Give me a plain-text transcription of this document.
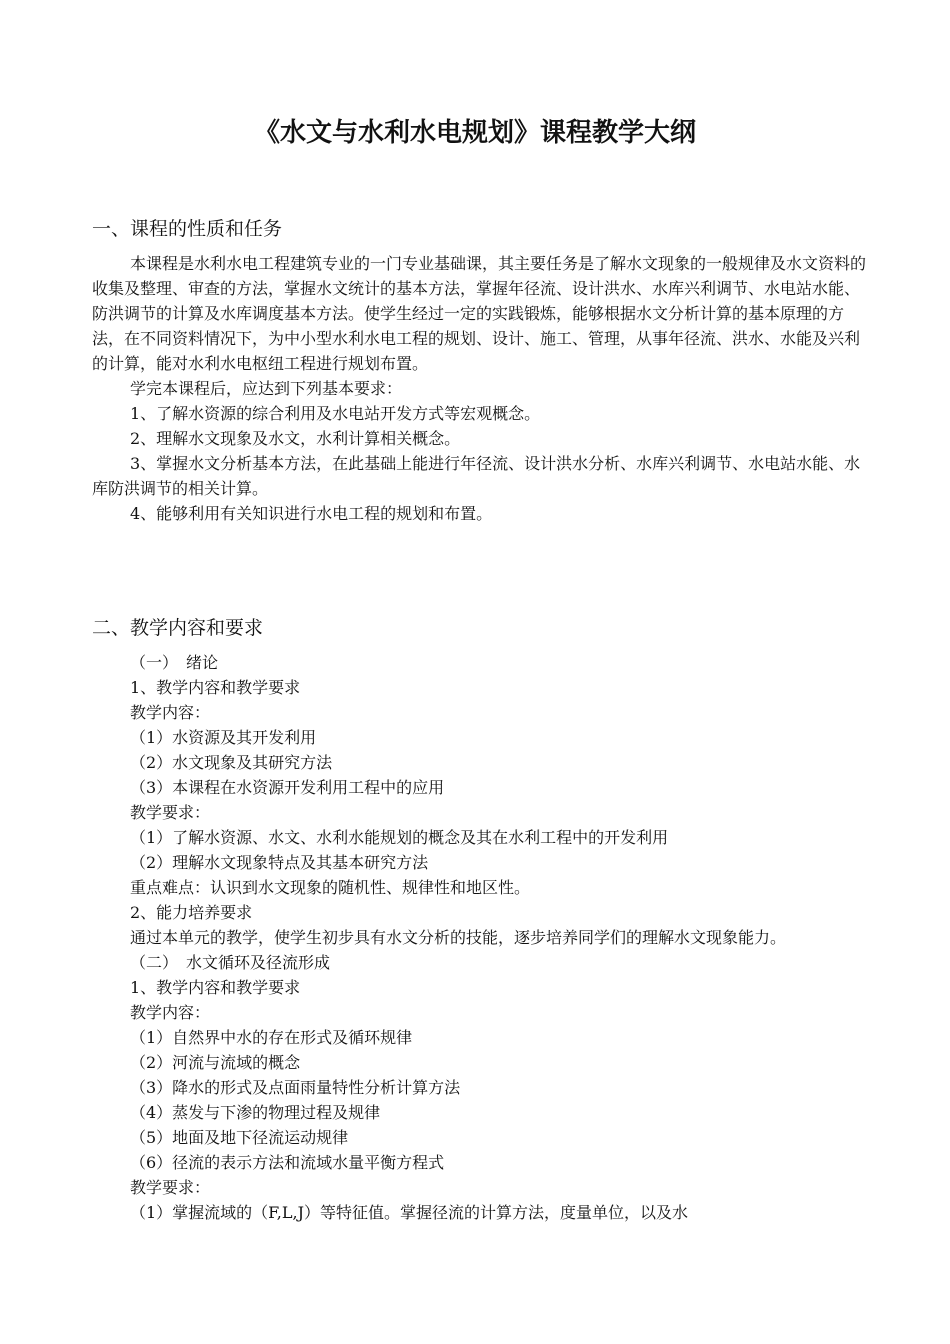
《水文与水利水电规划》课程教学大纲
一、课程的性质和任务

本课程是水利水电工程建筑专业的一门专业基础课，其主要任务是了解水文现象的一般规律及水文资料的收集及整理、审查的方法，掌握水文统计的基本方法，掌握年径流、设计洪水、水库兴利调节、水电站水能、防洪调节的计算及水库调度基本方法。使学生经过一定的实践锻炼，能够根据水文分析计算的基本原理的方法，在不同资料情况下，为中小型水利水电工程的规划、设计、施工、管理，从事年径流、洪水、水能及兴利的计算，能对水利水电枢纽工程进行规划布置。

学完本课程后，应达到下列基本要求：

1、了解水资源的综合利用及水电站开发方式等宏观概念。

2、理解水文现象及水文，水利计算相关概念。

3、掌握水文分析基本方法，在此基础上能进行年径流、设计洪水分析、水库兴利调节、水电站水能、水库防洪调节的相关计算。

4、能够利用有关知识进行水电工程的规划和布置。

二、教学内容和要求

（一）　绪论

1、教学内容和教学要求

教学内容：

（1）水资源及其开发利用

（2）水文现象及其研究方法

（3）本课程在水资源开发利用工程中的应用

教学要求：

（1）了解水资源、水文、水利水能规划的概念及其在水利工程中的开发利用

（2）理解水文现象特点及其基本研究方法

重点难点：认识到水文现象的随机性、规律性和地区性。

2、能力培养要求

通过本单元的教学，使学生初步具有水文分析的技能，逐步培养同学们的理解水文现象能力。

（二）　水文循环及径流形成

1、教学内容和教学要求

教学内容：

（1）自然界中水的存在形式及循环规律

（2）河流与流域的概念

（3）降水的形式及点面雨量特性分析计算方法

（4）蒸发与下渗的物理过程及规律

（5）地面及地下径流运动规律

（6）径流的表示方法和流域水量平衡方程式

教学要求：

（1）掌握流域的（F,L,J）等特征值。掌握径流的计算方法，度量单位，以及水
